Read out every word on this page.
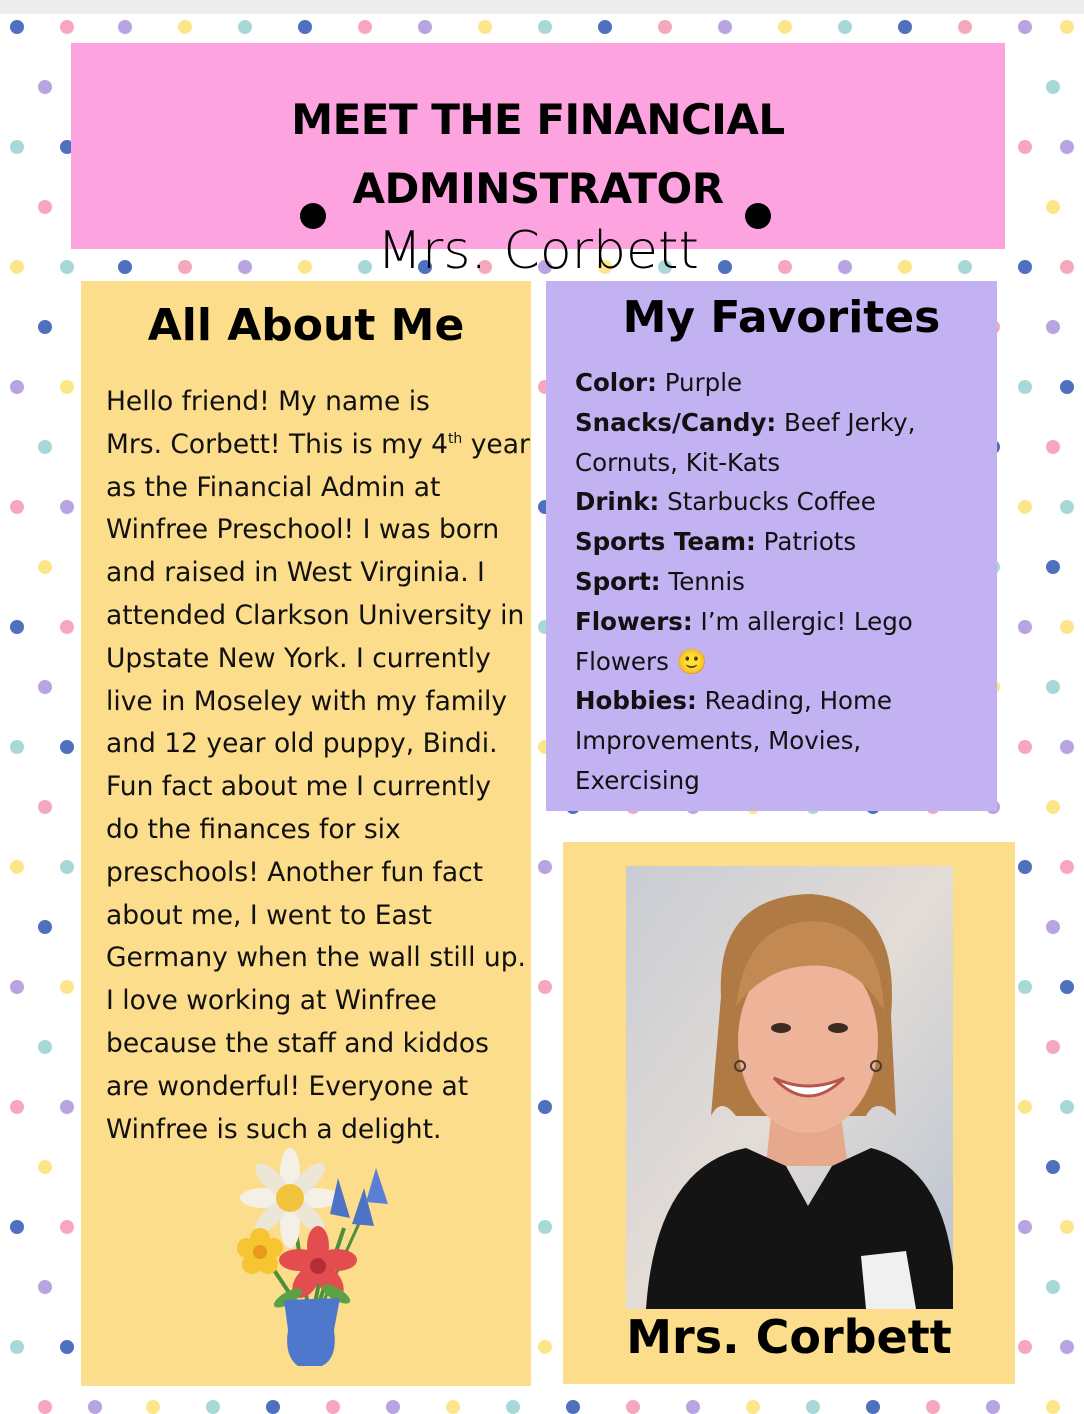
MEET THE FINANCIAL
ADMINSTRATOR
Mrs. Corbett
All About Me
Hello friend! My name is
Mrs. Corbett! This is my 4th year
as the Financial Admin at
Winfree Preschool! I was born
and raised in West Virginia. I
attended Clarkson University in
Upstate New York. I currently
live in Moseley with my family
and 12 year old puppy, Bindi.
Fun fact about me I currently
do the finances for six
preschools! Another fun fact
about me, I went to East
Germany when the wall still up.
I love working at Winfree
because the staff and kiddos
are wonderful! Everyone at
Winfree is such a delight.
My Favorites
Color: Purple
Snacks/Candy: Beef Jerky,
Cornuts, Kit-Kats
Drink: Starbucks Coffee
Sports Team: Patriots
Sport: Tennis
Flowers: I’m allergic! Lego
Flowers 🙂
Hobbies: Reading, Home
Improvements, Movies,
Exercising
Mrs. Corbett
